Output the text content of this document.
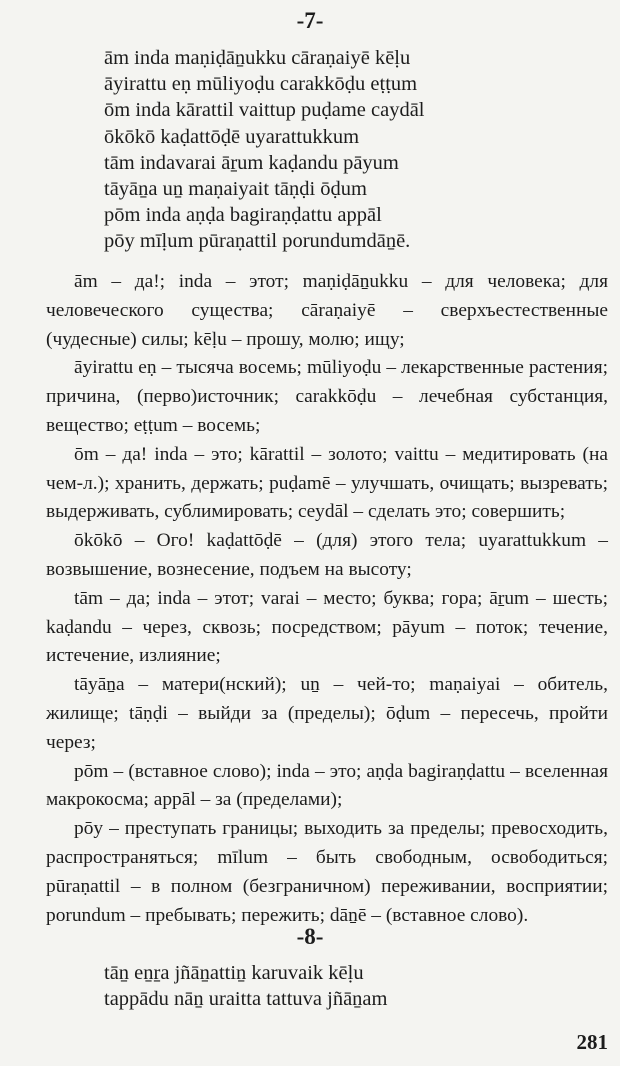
-7-
ām inda maṇiḍāṉukku cāraṇaiyē kēḷu
āyirattu eṇ mūliyoḍu carakkōḍu eṭṭum
ōm inda kārattil vaittup puḍame caydāl
ōkōkō kaḍattōḍē uyarattukkum
tām indavarai āṟum kaḍandu pāyum
tāyāṉa uṉ maṇaiyait tāṇḍi ōḍum
pōm inda aṇḍa bagiraṇḍattu appāl
pōy mīḷum pūraṇattil porundumdāṉē.

ām – да!; inda – этот; maṇiḍāṉukku – для человека; для человеческого существа; cāraṇaiyē – сверхъестественные (чудесные) силы; kēḷu – прошу, молю; ищу;

āyirattu eṇ – тысяча восемь; mūliyoḍu – лекарственные растения; причина, (перво)источник; carakkōḍu – лечебная субстанция, вещество; eṭṭum – восемь;

ōm – да! inda – это; kārattil – золото; vaittu – медитировать (на чем-л.); хранить, держать; puḍamē – улучшать, очищать; вызревать; выдерживать, сублимировать; ceydāl – сделать это; совершить;

ōkōkō – Ого! kaḍattōḍē – (для) этого тела; uyarattukkum – возвышение, вознесение, подъем на высоту;

tām – да; inda – этот; varai – место; буква; гора; āṟum – шесть; kaḍandu – через, сквозь; посредством; pāyum – поток; течение, истечение, излияние;

tāyāṉa – матери(нский); uṉ – чей-то; maṇaiyai – обитель, жилище; tāṇḍi – выйди за (пределы); ōḍum – пересечь, пройти через;

pōm – (вставное слово); inda – это; aṇḍa bagiraṇḍattu – вселенная макрокосма; appāl – за (пределами);

pōy – преступать границы; выходить за пределы; превосходить, распространяться; mīlum – быть свободным, освободиться; pūraṇattil – в полном (безграничном) переживании, восприятии; porundum – пребывать; пережить; dāṉē – (вставное слово).

-8-
tāṉ eṉṟa jñāṉattiṉ karuvaik kēḷu
tappādu nāṉ uraitta tattuva jñāṉam
281
